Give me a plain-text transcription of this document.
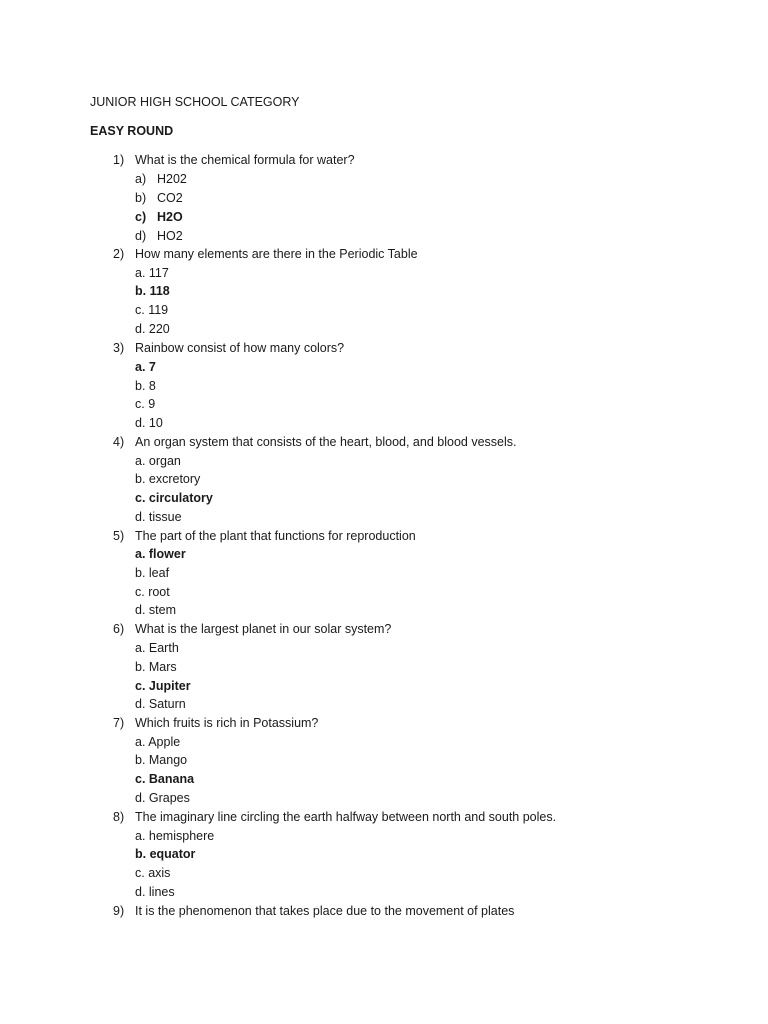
JUNIOR HIGH SCHOOL CATEGORY
EASY ROUND
1) What is the chemical formula for water?
a) H202
b) CO2
c) H2O
d) HO2
2) How many elements are there in the Periodic Table
a. 117
b. 118
c. 119
d. 220
3) Rainbow consist of how many colors?
a. 7
b. 8
c. 9
d. 10
4) An organ system that consists of the heart, blood, and blood vessels.
a. organ
b. excretory
c. circulatory
d. tissue
5) The part of the plant that functions for reproduction
a. flower
b. leaf
c. root
d. stem
6) What is the largest planet in our solar system?
a. Earth
b. Mars
c. Jupiter
d. Saturn
7) Which fruits is rich in Potassium?
a. Apple
b. Mango
c. Banana
d. Grapes
8) The imaginary line circling the earth halfway between north and south poles.
a. hemisphere
b. equator
c. axis
d. lines
9) It is the phenomenon that takes place due to the movement of plates
